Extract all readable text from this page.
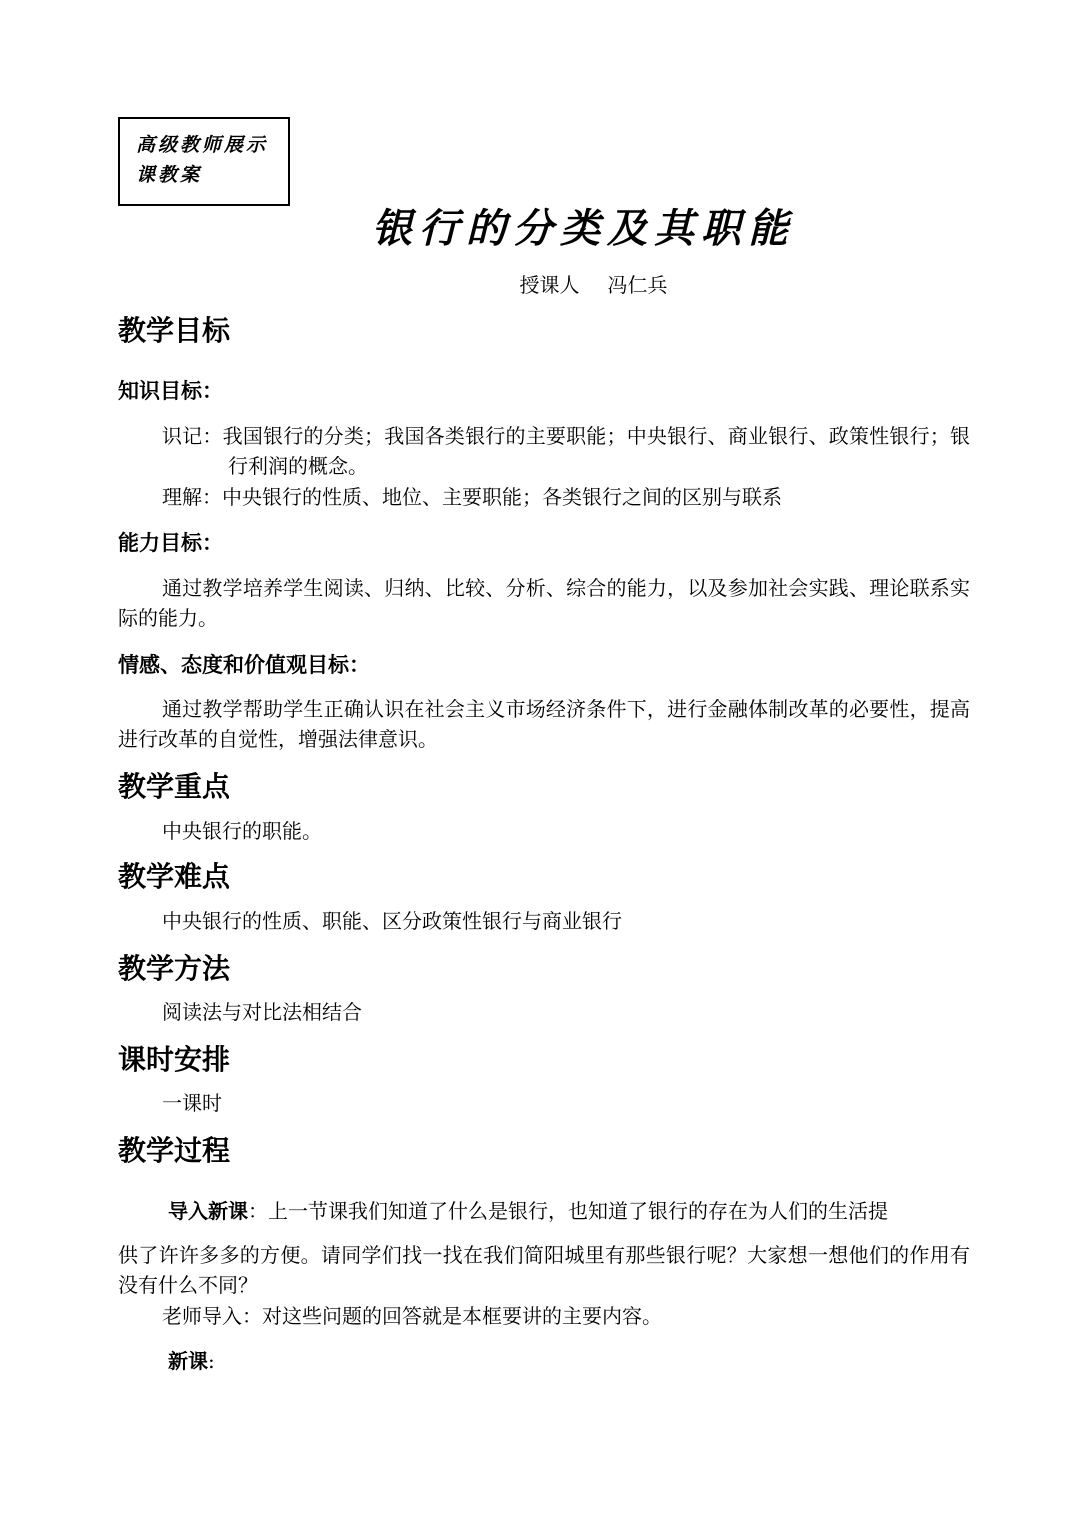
高级教师展示
课教案
银行的分类及其职能
授课人 冯仁兵
教学目标
知识目标：
识记：我国银行的分类；我国各类银行的主要职能；中央银行、商业银行、政策性银行；银行利润的概念。
理解：中央银行的性质、地位、主要职能；各类银行之间的区别与联系
能力目标：
通过教学培养学生阅读、归纳、比较、分析、综合的能力，以及参加社会实践、理论联系实际的能力。
情感、态度和价值观目标：
通过教学帮助学生正确认识在社会主义市场经济条件下，进行金融体制改革的必要性，提高进行改革的自觉性，增强法律意识。
教学重点
中央银行的职能。
教学难点
中央银行的性质、职能、区分政策性银行与商业银行
教学方法
阅读法与对比法相结合
课时安排
一课时
教学过程
导入新课：上一节课我们知道了什么是银行，也知道了银行的存在为人们的生活提
供了许许多多的方便。请同学们找一找在我们简阳城里有那些银行呢？大家想一想他们的作用有没有什么不同？
老师导入：对这些问题的回答就是本框要讲的主要内容。
新课:
